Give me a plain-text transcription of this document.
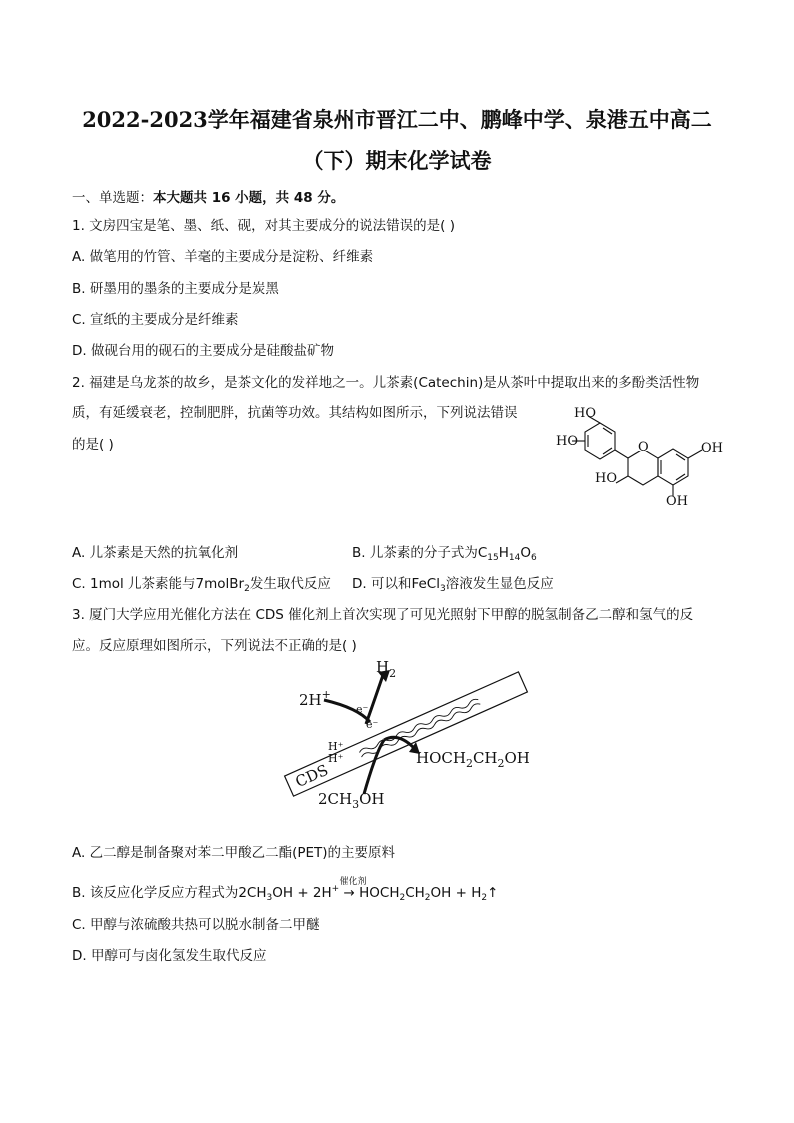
2022-2023学年福建省泉州市晋江二中、鹏峰中学、泉港五中高二
（下）期末化学试卷
一、单选题：本大题共 16 小题，共 48 分。
1. 文房四宝是笔、墨、纸、砚，对其主要成分的说法错误的是( )
A. 做笔用的竹管、羊毫的主要成分是淀粉、纤维素
B. 研墨用的墨条的主要成分是炭黑
C. 宣纸的主要成分是纤维素
D. 做砚台用的砚石的主要成分是硅酸盐矿物
2. 福建是乌龙茶的故乡，是茶文化的发祥地之一。儿茶素(Catechin)是从茶叶中提取出来的多酚类活性物
质，有延缓衰老，控制肥胖，抗菌等功效。其结构如图所示，下列说法错误
的是( )
HO
HO	O	OH
HO
OH
A. 儿茶素是天然的抗氧化剂	B. 儿茶素的分子式为$C_{15}H_{14}O_6$
C. 1mol 儿茶素能与7molBr$_2$发生取代反应 D. 可以和FeCl$_3$溶液发生显色反应
3. 厦门大学应用光催化方法在 CDS 催化剂上首次实现了可见光照射下甲醇的脱氢制备乙二醇和氢气的反
应。反应原理如图所示，下列说法不正确的是( )
CDS
$H_2$
2H+
e⁻
e⁻
H⁺
H⁺	$HOCH_2CH_2OH$
$2CH_3OH$
A. 乙二醇是制备聚对苯二甲酸乙二酯(PET)的主要原料
B. 该反应化学反应方程式为$2CH_3OH + 2H^+$
催化剂
→ $HOCH_2CH_2OH$ + $H_2↑$
C. 甲醇与浓硫酸共热可以脱水制备二甲醚
D. 甲醇可与卤化氢发生取代反应
